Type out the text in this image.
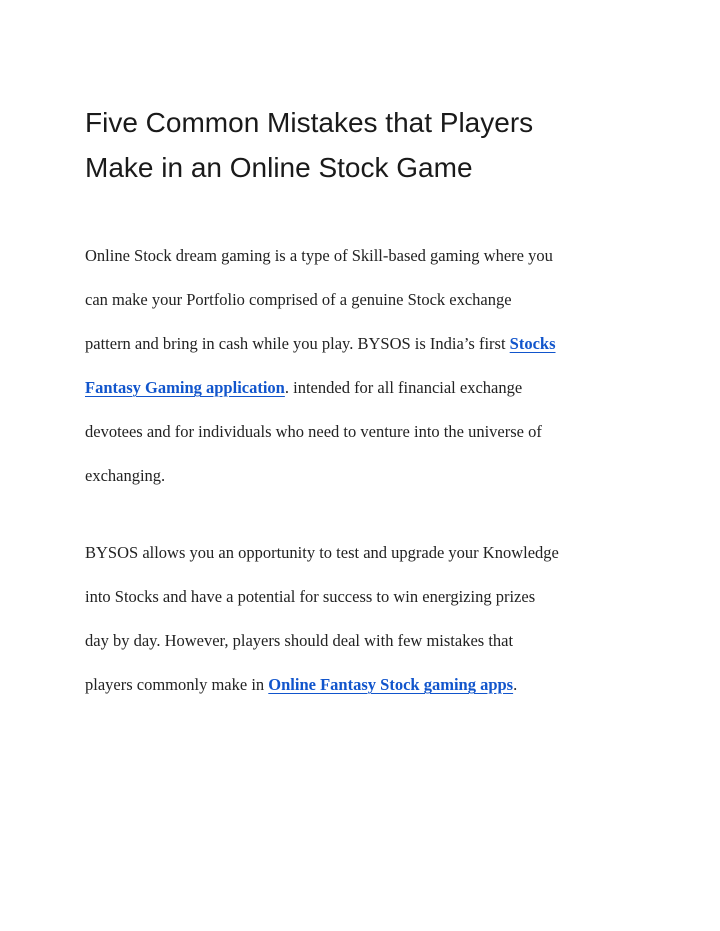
Five Common Mistakes that Players
Make in an Online Stock Game

Online Stock dream gaming is a type of Skill-based gaming where you
can make your Portfolio comprised of a genuine Stock exchange
pattern and bring in cash while you play. BYSOS is India’s first Stocks
Fantasy Gaming application. intended for all financial exchange
devotees and for individuals who need to venture into the universe of
exchanging.

BYSOS allows you an opportunity to test and upgrade your Knowledge
into Stocks and have a potential for success to win energizing prizes
day by day. However, players should deal with few mistakes that
players commonly make in Online Fantasy Stock gaming apps.
